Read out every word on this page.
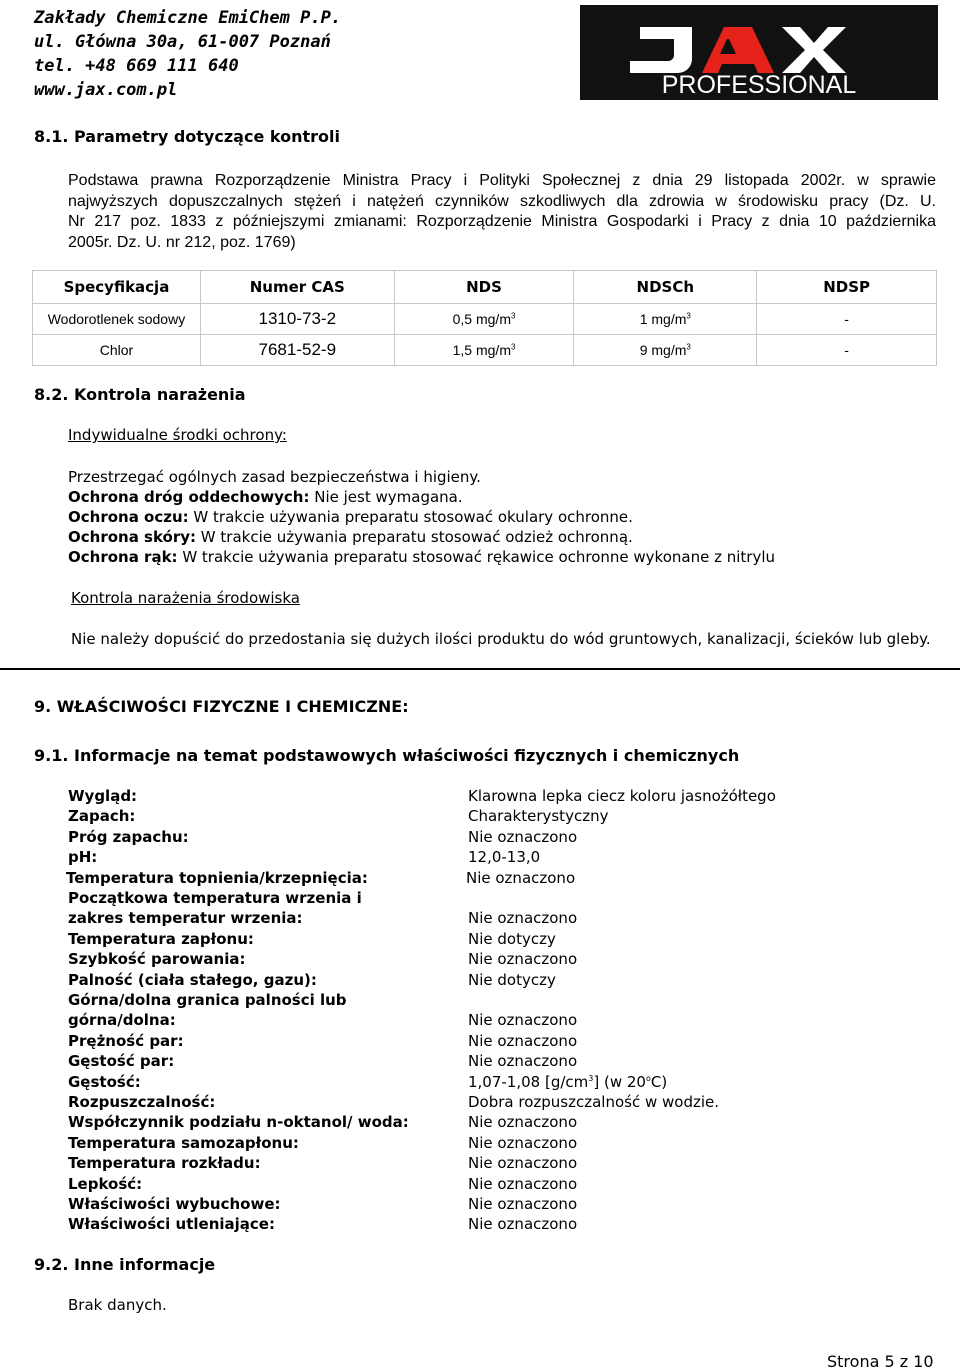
Zakłady Chemiczne EmiChem P.P.
ul. Główna 30a, 61-007 Poznań
tel. +48 669 111 640
www.jax.com.pl	PROFESSIONAL
8.1. Parametry dotyczące kontroli
Podstawa prawna Rozporządzenie Ministra Pracy i Polityki Społecznej z dnia 29 listopada 2002r. w sprawie
najwyższych dopuszczalnych stężeń i natężeń czynników szkodliwych dla zdrowia w środowisku pracy (Dz. U.
Nr 217 poz. 1833 z późniejszymi zmianami: Rozporządzenie Ministra Gospodarki i Pracy z dnia 10 października
2005r. Dz. U. nr 212, poz. 1769)
Specyfikacja	Numer CAS	NDS	NDSCh	NDSP
Wodorotlenek sodowy	1310-73-2	0,5 $mg/m^3$	1 $mg/m^3$	-
Chlor	7681-52-9	1,5 $mg/m^3$	9 $mg/m^3$	-
8.2. Kontrola narażenia
Indywidualne środki ochrony:
Przestrzegać ogólnych zasad bezpieczeństwa i higieny.
Ochrona dróg oddechowych: Nie jest wymagana.
Ochrona oczu: W trakcie używania preparatu stosować okulary ochronne.
Ochrona skóry: W trakcie używania preparatu stosować odzież ochronną.
Ochrona rąk: W trakcie używania preparatu stosować rękawice ochronne wykonane z nitrylu
Kontrola narażenia środowiska
Nie należy dopuścić do przedostania się dużych ilości produktu do wód gruntowych, kanalizacji, ścieków lub gleby.
9. WŁAŚCIWOŚCI FIZYCZNE I CHEMICZNE:
9.1. Informacje na temat podstawowych właściwości fizycznych i chemicznych
Wygląd:	Klarowna lepka ciecz koloru jasnożółtego
Zapach:	Charakterystyczny
Próg zapachu:	Nie oznaczono
pH:	12,0-13,0
Temperatura topnienia/krzepnięcia:	Nie oznaczono
Początkowa temperatura wrzenia i
zakres temperatur wrzenia:	Nie oznaczono
Temperatura zapłonu:	Nie dotyczy
Szybkość parowania:	Nie oznaczono
Palność (ciała stałego, gazu):	Nie dotyczy
Górna/dolna granica palności lub
górna/dolna:	Nie oznaczono
Prężność par:	Nie oznaczono
Gęstość par:	Nie oznaczono
Gęstość:	1,07-1,08 $[g/cm^3]$ (w 20$^o$C)
Rozpuszczalność:	Dobra rozpuszczalność w wodzie.
Współczynnik podziału n-oktanol/ woda:	Nie oznaczono
Temperatura samozapłonu:	Nie oznaczono
Temperatura rozkładu:	Nie oznaczono
Lepkość:	Nie oznaczono
Właściwości wybuchowe:	Nie oznaczono
Właściwości utleniające:	Nie oznaczono
9.2. Inne informacje
Brak danych.
Strona 5 z 10
